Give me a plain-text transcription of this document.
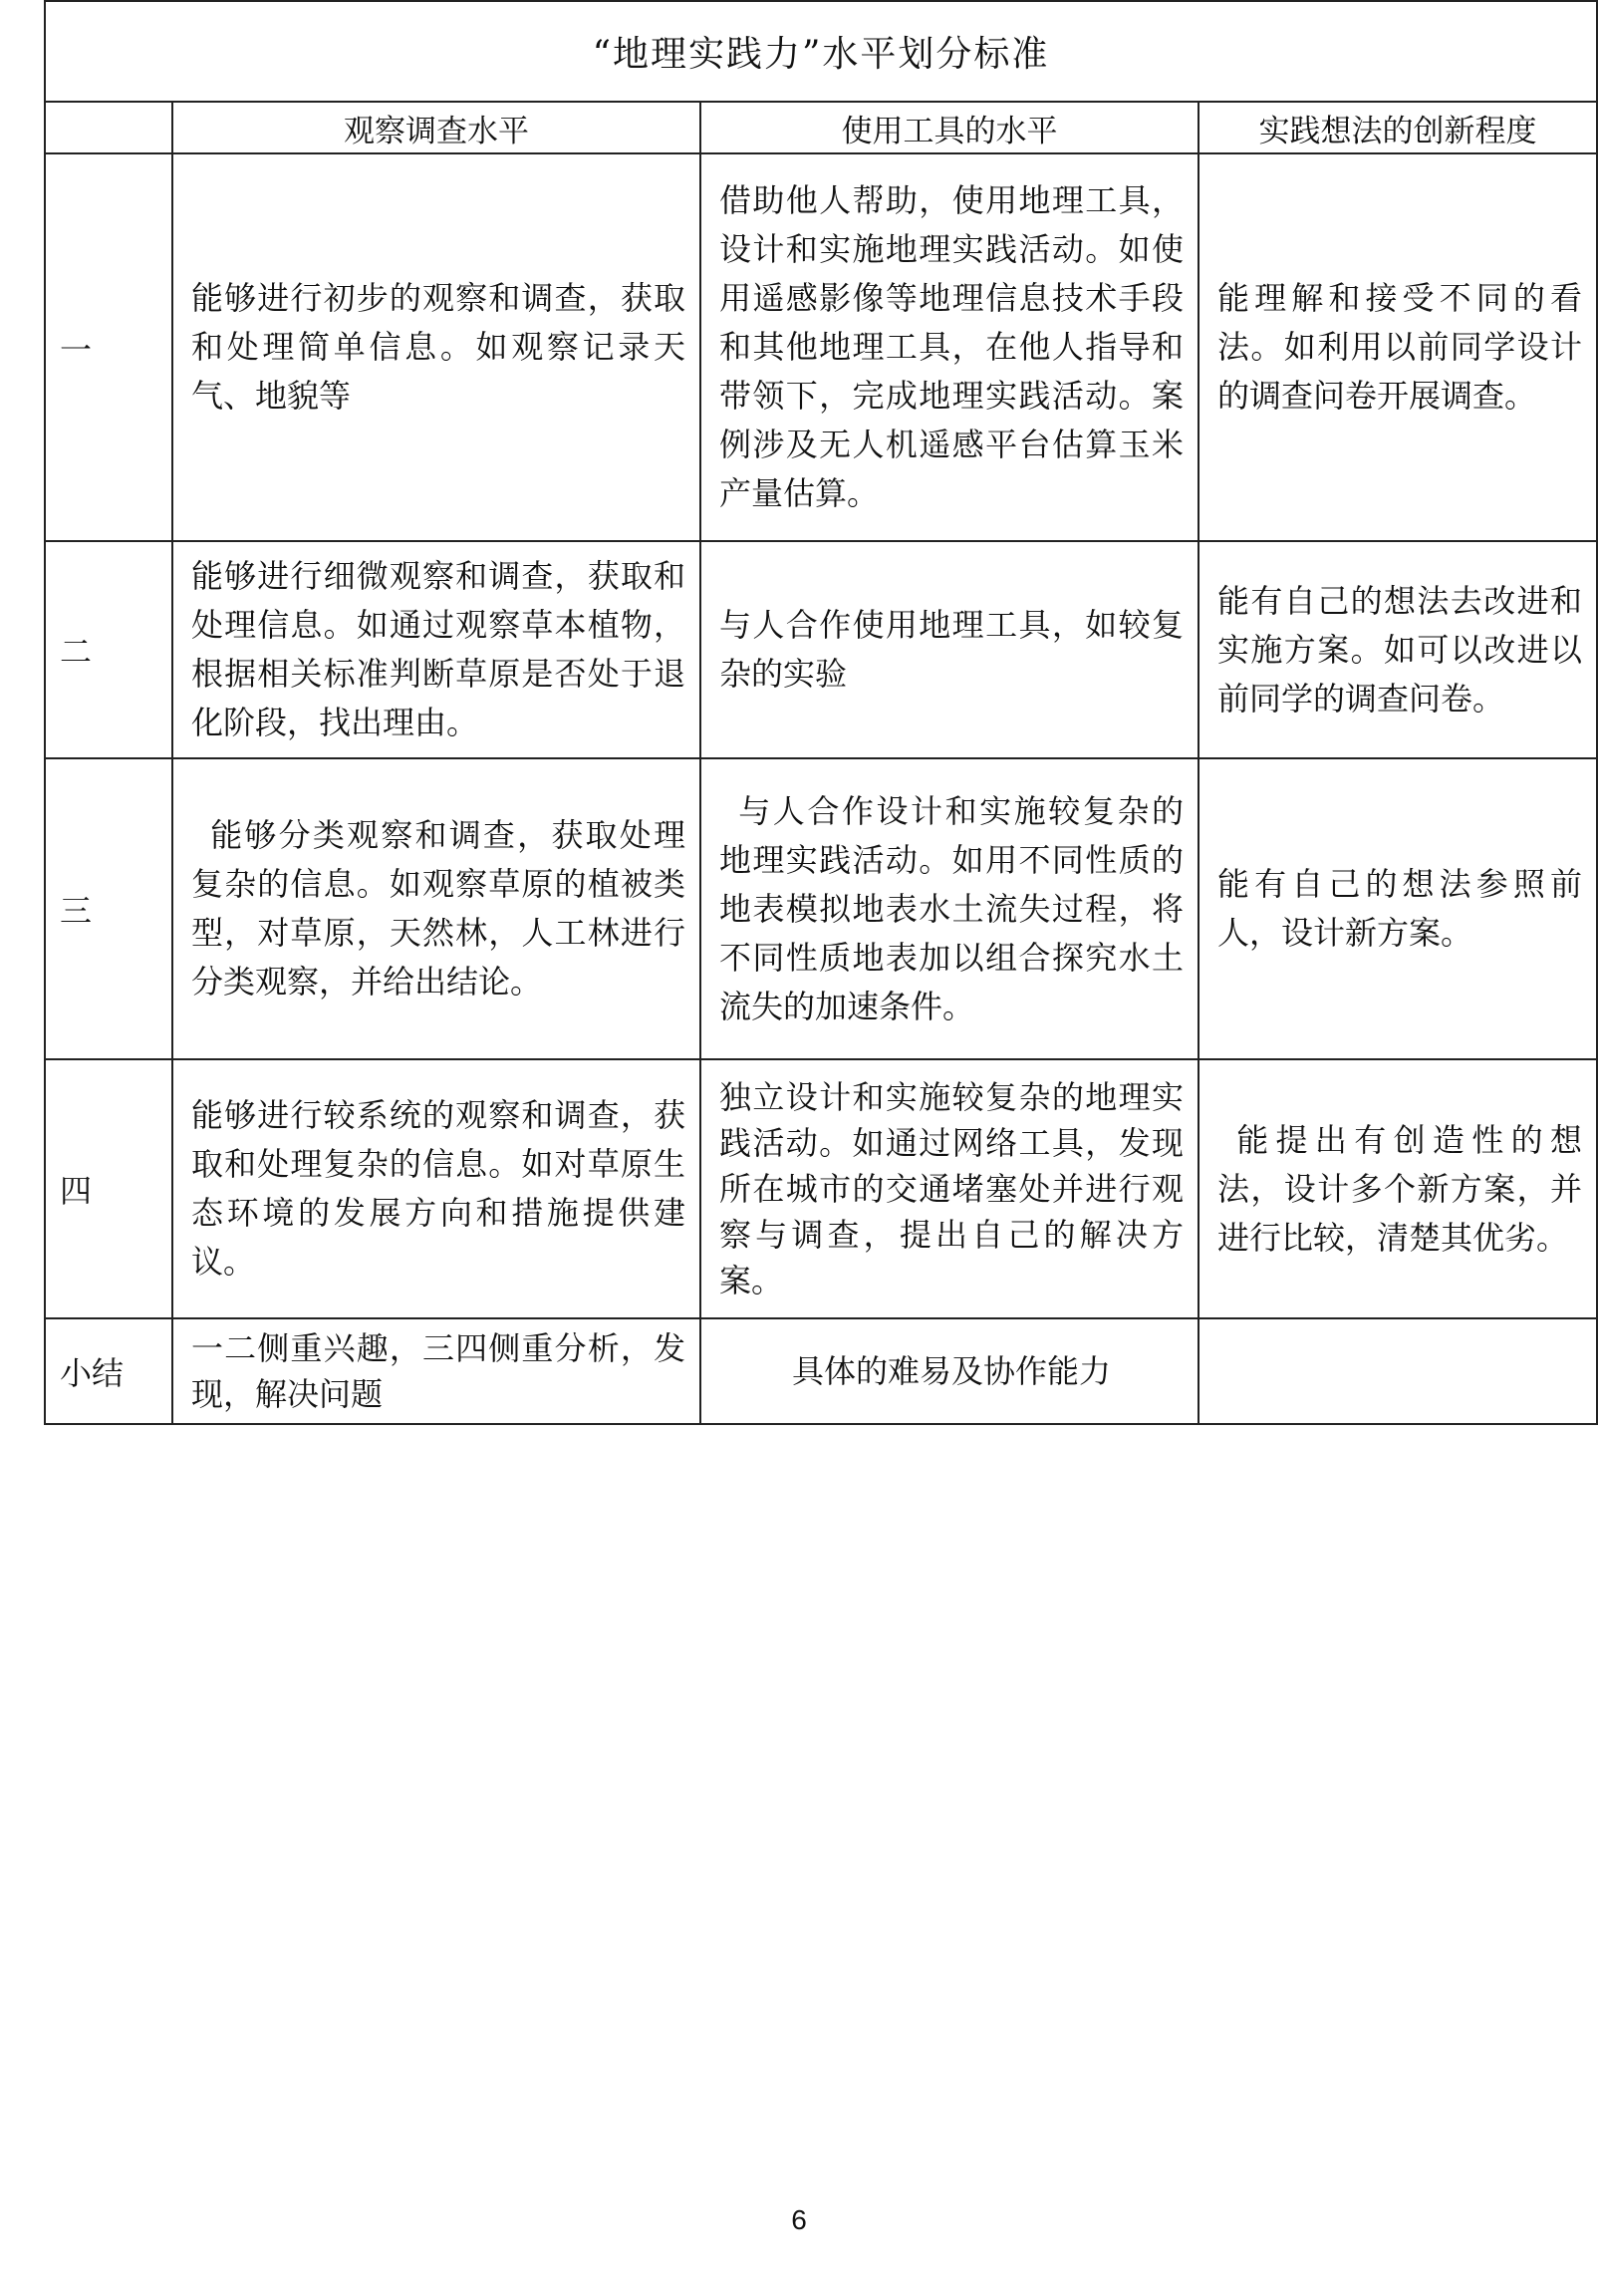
“地理实践力”水平划分标准			
	观察调查水平	使用工具的水平	实践想法的创新程度
一	能够进行初步的观察和调查，获取和处理简单信息。如观察记录天气、地貌等	借助他人帮助，使用地理工具，设计和实施地理实践活动。如使用遥感影像等地理信息技术手段和其他地理工具，在他人指导和带领下，完成地理实践活动。案例涉及无人机遥感平台估算玉米产量估算。	能理解和接受不同的看法。如利用以前同学设计的调查问卷开展调查。
二	能够进行细微观察和调查，获取和处理信息。如通过观察草本植物，根据相关标准判断草原是否处于退化阶段，找出理由。	与人合作使用地理工具，如较复杂的实验	能有自己的想法去改进和实施方案。如可以改进以前同学的调查问卷。
三	能够分类观察和调查，获取处理复杂的信息。如观察草原的植被类型，对草原，天然林，人工林进行分类观察，并给出结论。	与人合作设计和实施较复杂的地理实践活动。如用不同性质的地表模拟地表水土流失过程，将不同性质地表加以组合探究水土流失的加速条件。	能有自己的想法参照前人，设计新方案。
四	能够进行较系统的观察和调查，获取和处理复杂的信息。如对草原生态环境的发展方向和措施提供建议。	独立设计和实施较复杂的地理实践活动。如通过网络工具，发现所在城市的交通堵塞处并进行观察与调查，提出自己的解决方案。	能提出有创造性的想法，设计多个新方案，并进行比较，清楚其优劣。
小结	一二侧重兴趣，三四侧重分析，发现，解决问题	具体的难易及协作能力	
6
